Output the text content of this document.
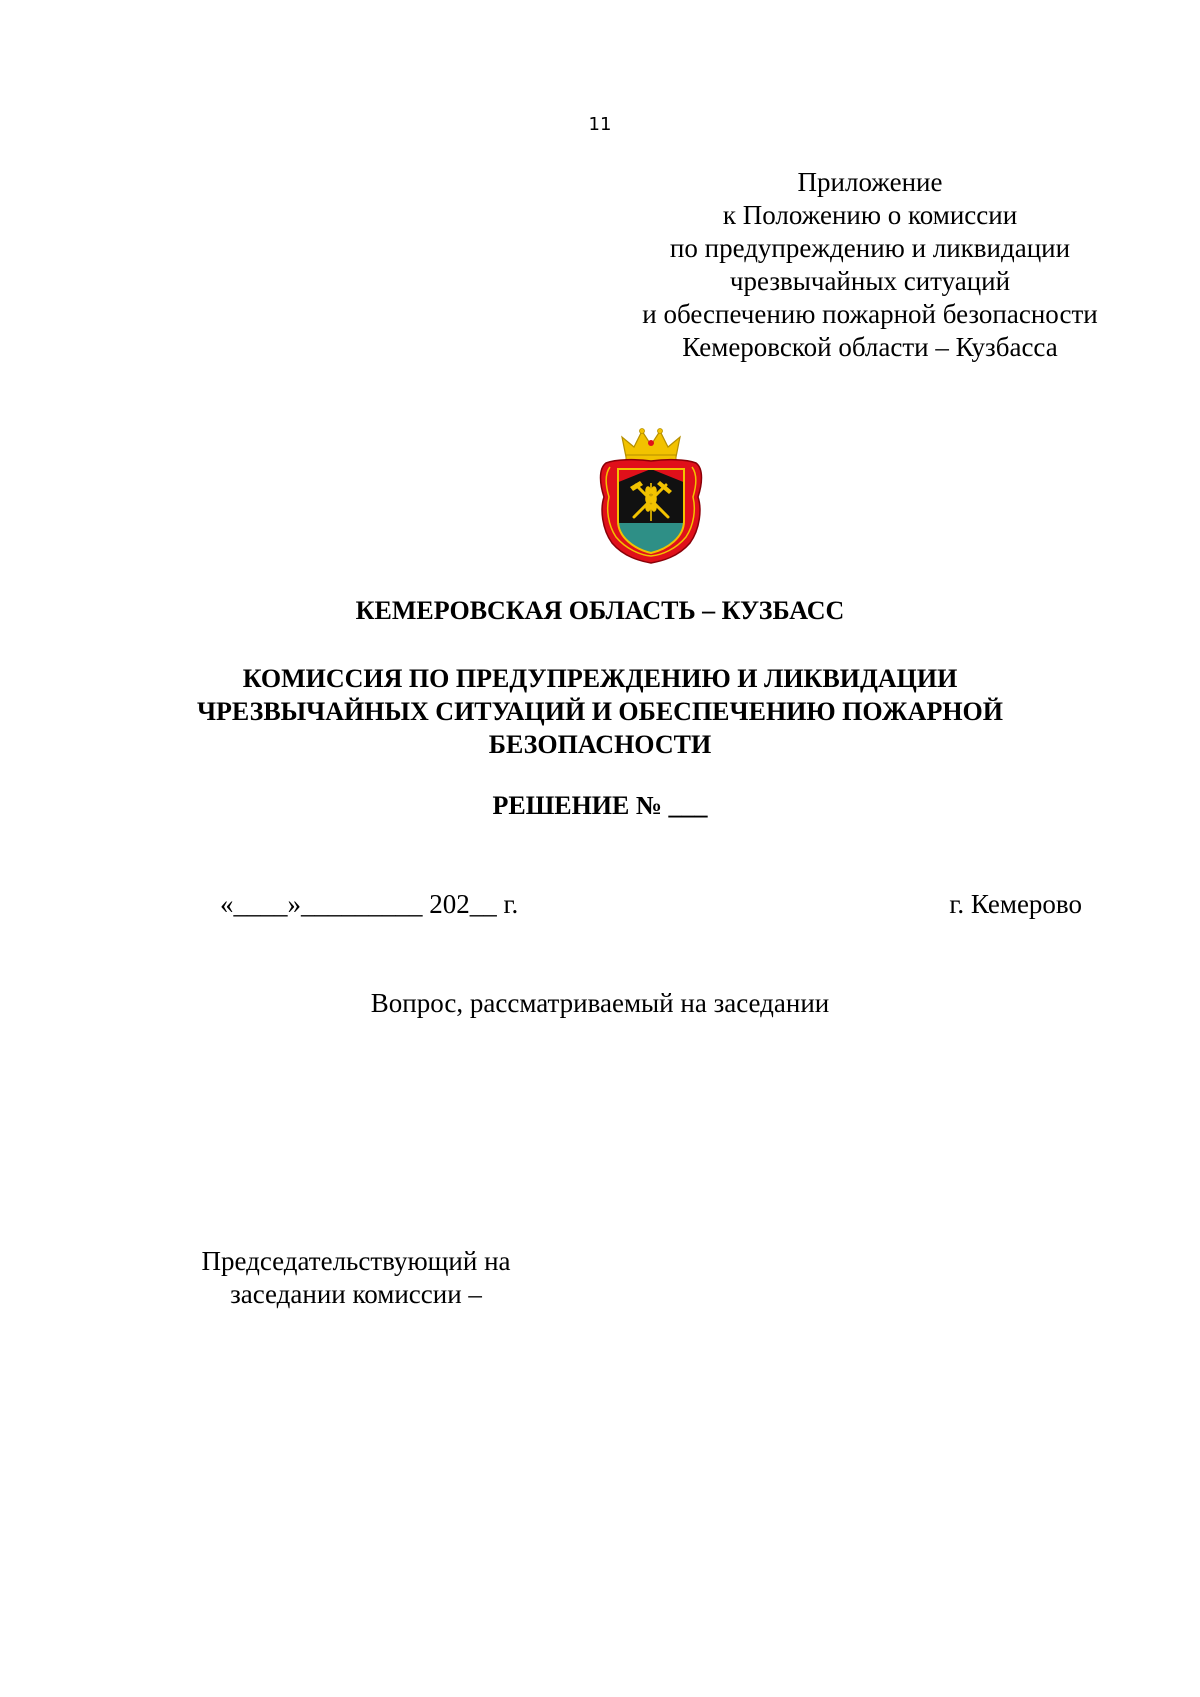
11
Приложение
к Положению о комиссии
по предупреждению и ликвидации
чрезвычайных ситуаций
и обеспечению пожарной безопасности
Кемеровской области – Кузбасса
КЕМЕРОВСКАЯ ОБЛАСТЬ – КУЗБАСС
КОМИССИЯ ПО ПРЕДУПРЕЖДЕНИЮ И ЛИКВИДАЦИИ
ЧРЕЗВЫЧАЙНЫХ СИТУАЦИЙ И ОБЕСПЕЧЕНИЮ ПОЖАРНОЙ
БЕЗОПАСНОСТИ
РЕШЕНИЕ № ___
«____»_________ 202__ г.	г. Кемерово
Вопрос, рассматриваемый на заседании
Председательствующий на
заседании комиссии –
